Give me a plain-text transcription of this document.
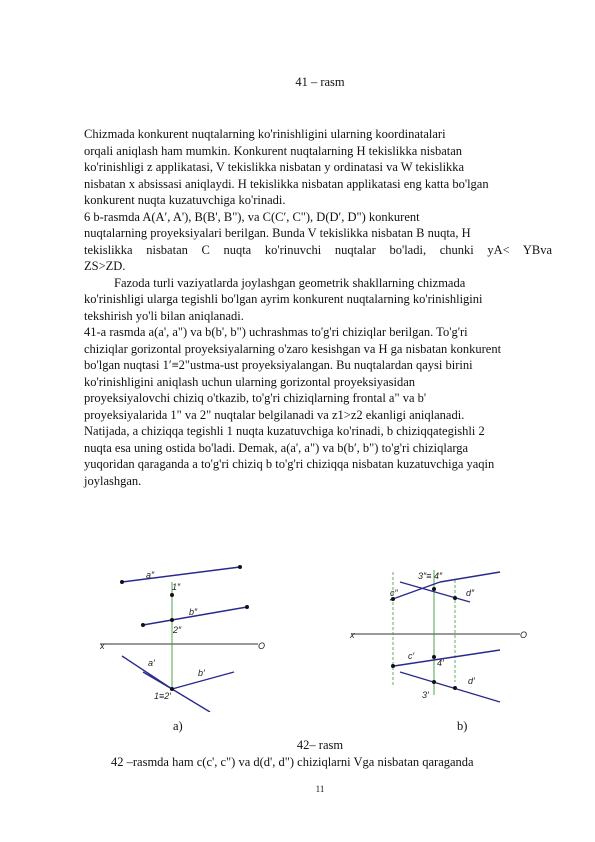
41 – rasm

Chizmada konkurent nuqtalarning ko'rinishligini ularning koordinatalari
orqali aniqlash ham mumkin. Konkurent nuqtalarning H tekislikka nisbatan
ko'rinishligi z applikatasi, V tekislikka nisbatan y ordinatasi va W tekislikka
nisbatan x absissasi aniqlaydi. H tekislikka nisbatan applikatasi eng katta bo'lgan
konkurent nuqta kuzatuvchiga ko'rinadi.

6 b-rasmda A(A′, A'), B(B', B"), va C(C′, C"), D(D′, D") konkurent
nuqtalarning proyeksiyalari berilgan. Bunda V tekislikka nisbatan B nuqta, H

tekislikka nisbatan C nuqta ko'rinuvchi nuqtalar bo'ladi, chunki yA< YBva
ZS>ZD.

Fazoda turli vaziyatlarda joylashgan geometrik shakllarning chizmada
ko'rinishligi ularga tegishli bo'lgan ayrim konkurent nuqtalarning ko'rinishligini
tekshirish yo'li bilan aniqlanadi.

41-a rasmda a(a', a") va b(b', b") uchrashmas to'g'ri chiziqlar berilgan. To'g'ri
chiziqlar gorizontal proyeksiyalarning o'zaro kesishgan va H ga nisbatan konkurent
bo'lgan nuqtasi 1′≡2"ustma-ust proyeksiyalangan. Bu nuqtalardan qaysi birini
ko'rinishligini aniqlash uchun ularning gorizontal proyeksiyasidan
proyeksiyalovchi chiziq o'tkazib, to'g'ri chiziqlarning frontal a" va b'
proyeksiyalarida 1" va 2" nuqtalar belgilanadi va z1>z2 ekanligi aniqlanadi.
Natijada, a chiziqqa tegishli 1 nuqta kuzatuvchiga ko'rinadi, b chiziqqategishli 2
nuqta esa uning ostida bo'ladi. Demak, a(a', a") va b(b′, b") to'g'ri chiziqlarga
yuqoridan qaraganda a to'g'ri chiziq b to'g'ri chiziqqa nisbatan kuzatuvchiga yaqin
joylashgan.

a″
1″
b″
2″
x	O
a′
b′
1≡2′
3″≡ 4″
c″	d″
x	O
c′
4′
3′
d′
a)	b)
42– rasm
42 –rasmda ham c(c', c") va d(d', d") chiziqlarni Vga nisbatan qaraganda
11
